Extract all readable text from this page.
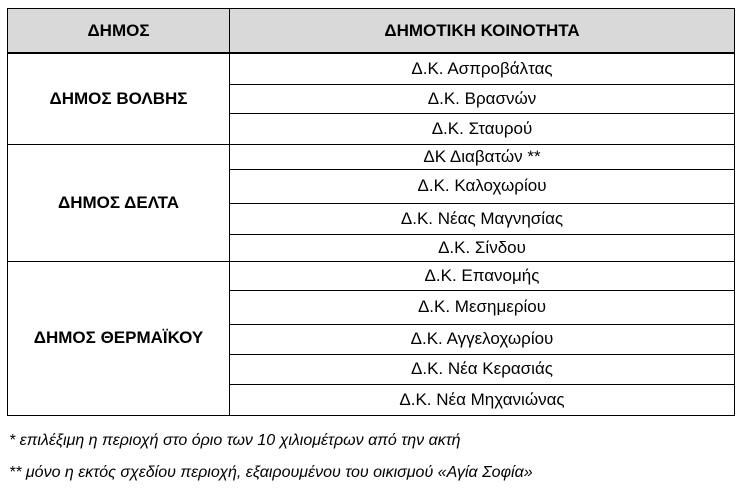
ΔΗΜΟΣ	ΔΗΜΟΤΙΚΗ ΚΟΙΝΟΤΗΤΑ
ΔΗΜΟΣ ΒΟΛΒΗΣ	Δ.Κ. Ασπροβάλτας
	Δ.Κ. Βρασνών
	Δ.Κ. Σταυρού
ΔΗΜΟΣ ΔΕΛΤΑ	ΔΚ Διαβατών **
	Δ.Κ. Καλοχωρίου
	Δ.Κ. Νέας Μαγνησίας
	Δ.Κ. Σίνδου
ΔΗΜΟΣ ΘΕΡΜΑΪΚΟΥ	Δ.Κ. Επανομής
	Δ.Κ. Μεσημερίου
	Δ.Κ. Αγγελοχωρίου
	Δ.Κ. Νέα Κερασιάς
	Δ.Κ. Νέα Μηχανιώνας
* επιλέξιμη η περιοχή στο όριο των 10 χιλιομέτρων από την ακτή
** μόνο η εκτός σχεδίου περιοχή, εξαιρουμένου του οικισμού «Αγία Σοφία»
